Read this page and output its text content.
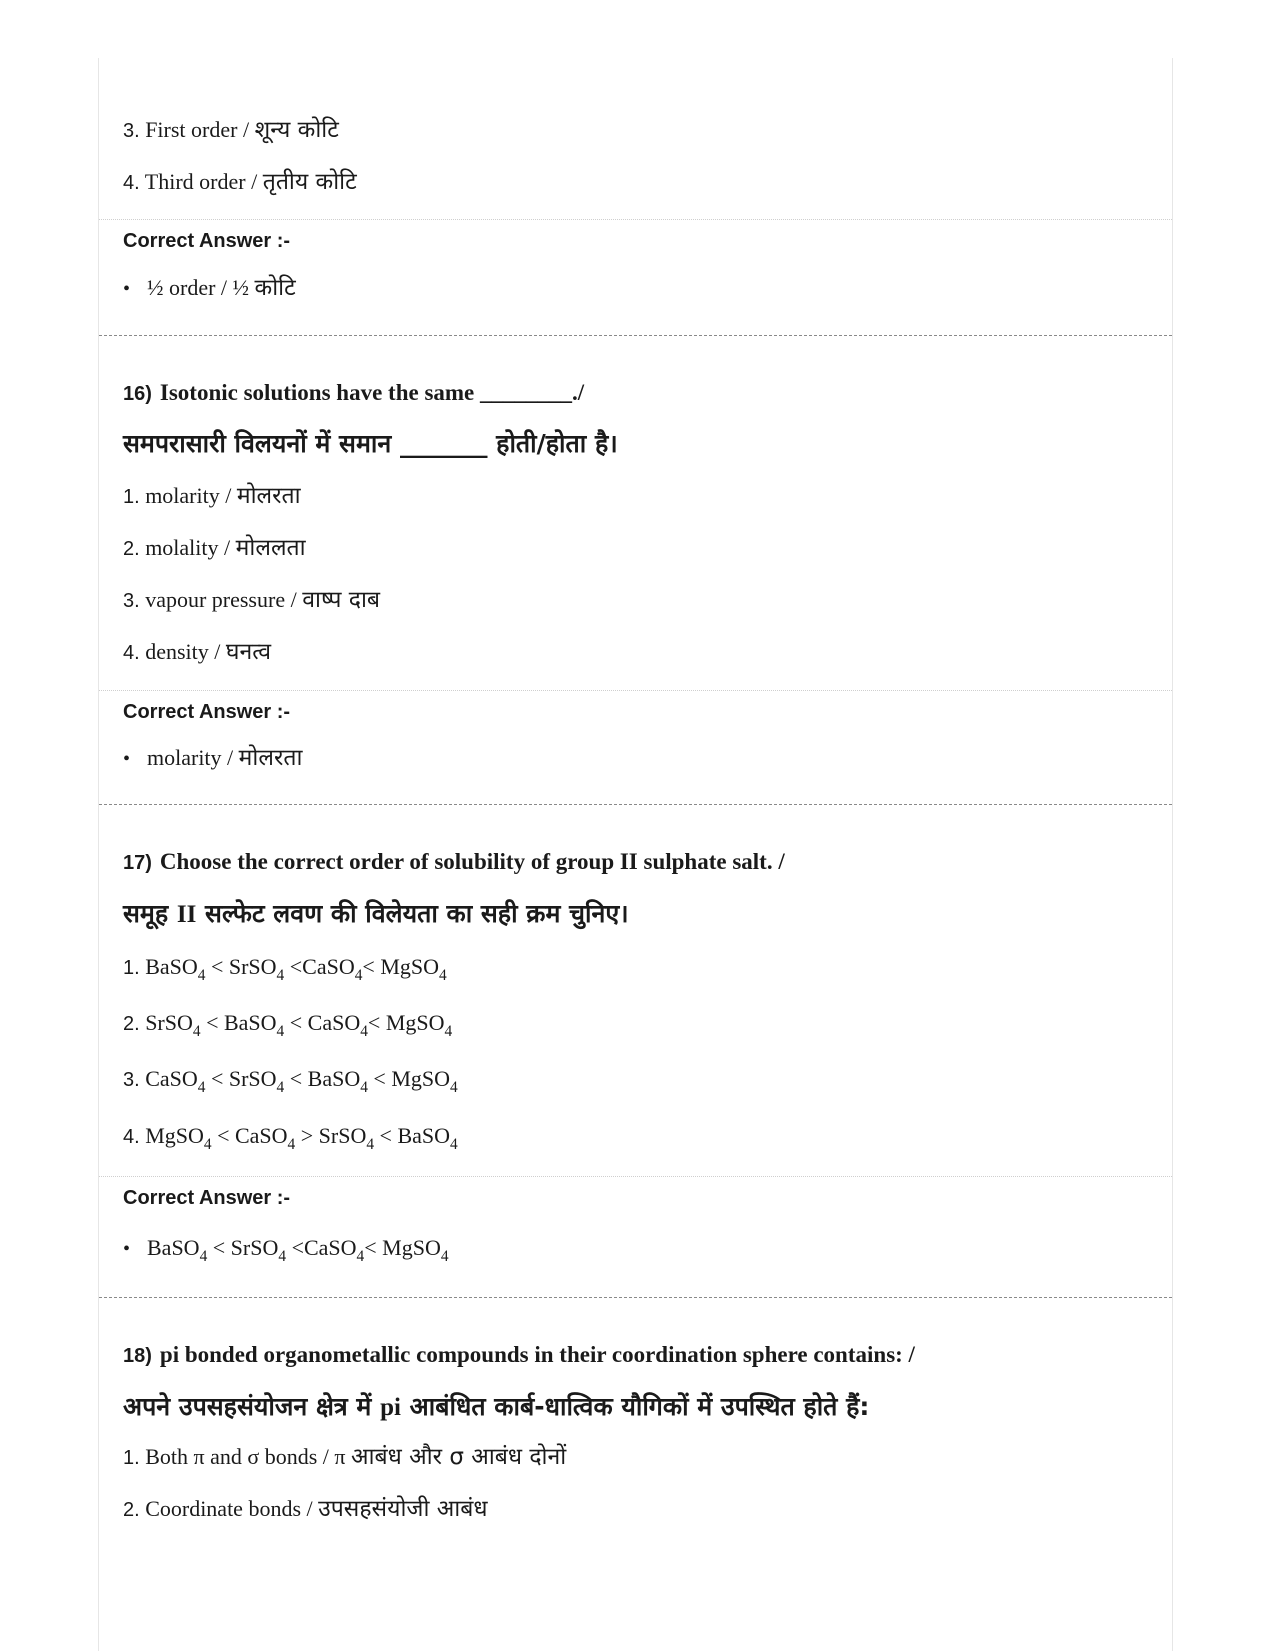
3. First order / शून्य कोटि
4. Third order / तृतीय कोटि
Correct Answer :-
• ½ order / ½ कोटि
16) Isotonic solutions have the same ________./
समपरासारी विलयनों में समान _______ होती/होता है।
1. molarity / मोलरता
2. molality / मोललता
3. vapour pressure / वाष्प दाब
4. density / घनत्व
Correct Answer :-
• molarity / मोलरता
17) Choose the correct order of solubility of group II sulphate salt. /
समूह II सल्फेट लवण की विलेयता का सही क्रम चुनिए।
1. BaSO$_4$ < SrSO$_4$ <CaSO$_4$< MgSO$_4$
2. SrSO$_4$ < BaSO$_4$ < CaSO$_4$< MgSO$_4$
3. CaSO$_4$ < SrSO$_4$ < BaSO$_4$ < MgSO$_4$
4. MgSO$_4$ < CaSO$_4$ > SrSO$_4$ < BaSO$_4$
Correct Answer :-
• BaSO$_4$ < SrSO$_4$ <CaSO$_4$< MgSO$_4$
18) pi bonded organometallic compounds in their coordination sphere contains: /
अपने उपसहसंयोजन क्षेत्र में pi आबंधित कार्ब-धात्विक यौगिकों में उपस्थित होते हैं:
1. Both π and σ bonds / π आबंध और σ आबंध दोनों
2. Coordinate bonds / उपसहसंयोजी आबंध
